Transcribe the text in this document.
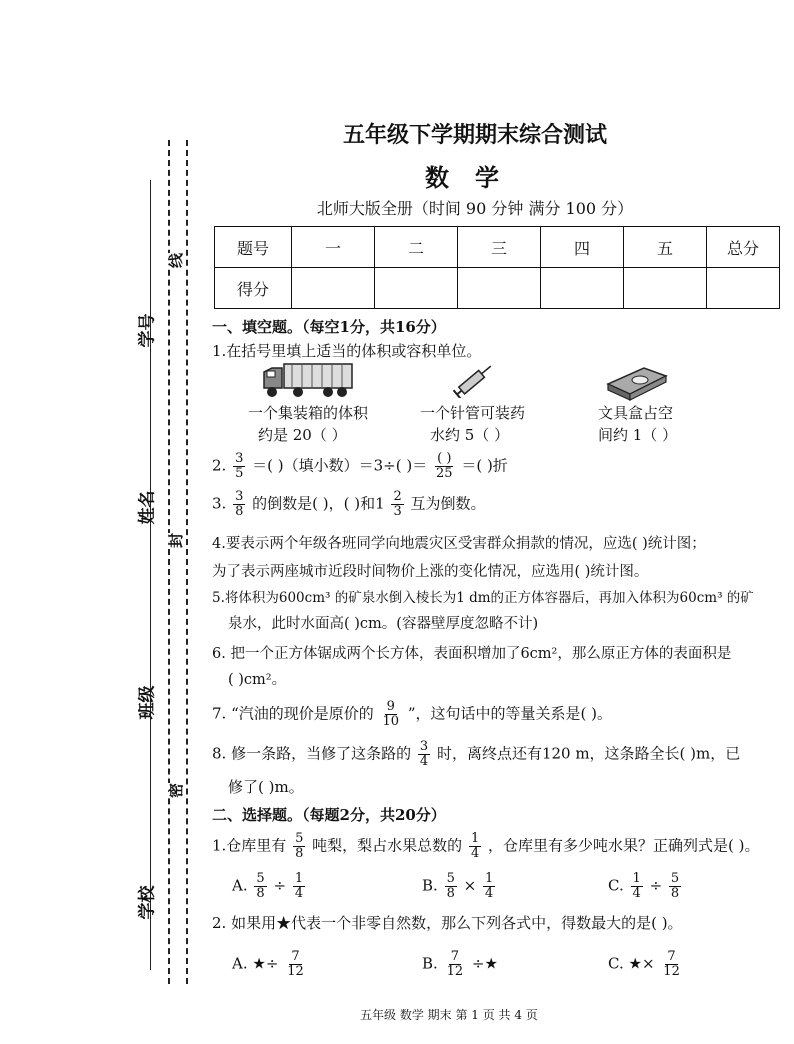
学号
姓名
班级
学校
线
封
密
五年级下学期期末综合测试
数学
北师大版全册（时间 90 分钟 满分 100 分）
题号	一	二	三	四	五	总分
得分						
一、填空题。（每空1分，共16分）
1.在括号里填上适当的体积或容积单位。
一个集装箱的体积
约是 20（ ）
一个针管可装药
水约 5（ ）
文具盒占空
间约 1（ ）
2. $\frac{3}{5}$ ＝( )（填小数）＝3÷( )＝ $\frac{( )}{25}$ ＝( )折
3. $\frac{3}{8}$ 的倒数是( )，( )和$1 \frac{2}{3}$ 互为倒数。
4.要表示两个年级各班同学向地震灾区受害群众捐款的情况，应选( )统计图；
为了表示两座城市近段时间物价上涨的变化情况，应选用( )统计图。
5.将体积为600cm³ 的矿泉水倒入棱长为1 dm的正方体容器后，再加入体积为60cm³ 的矿
泉水，此时水面高( )cm。(容器壁厚度忽略不计)
6. 把一个正方体锯成两个长方体，表面积增加了6cm²，那么原正方体的表面积是
( )cm²。
7. “汽油的现价是原价的 $\frac{9}{10}$ ”，这句话中的等量关系是( )。
8. 修一条路，当修了这条路的 $\frac{3}{4}$ 时，离终点还有120 m，这条路全长( )m，已
修了( )m。
二、选择题。（每题2分，共20分）
1.仓库里有 $\frac{5}{8}$ 吨梨，梨占水果总数的 $\frac{1}{4}$ ，仓库里有多少吨水果？正确列式是( )。
A. $\frac{5}{8} \div \frac{1}{4}$	B. $\frac{5}{8} \times \frac{1}{4}$	C. $\frac{1}{4} \div \frac{5}{8}$
2. 如果用★代表一个非零自然数，那么下列各式中，得数最大的是( )。
A. ★÷ $\frac{7}{12}$	B. $\frac{7}{12}$ ÷★	C. ★× $\frac{7}{12}$
五年级 数学 期末 第 1 页 共 4 页
